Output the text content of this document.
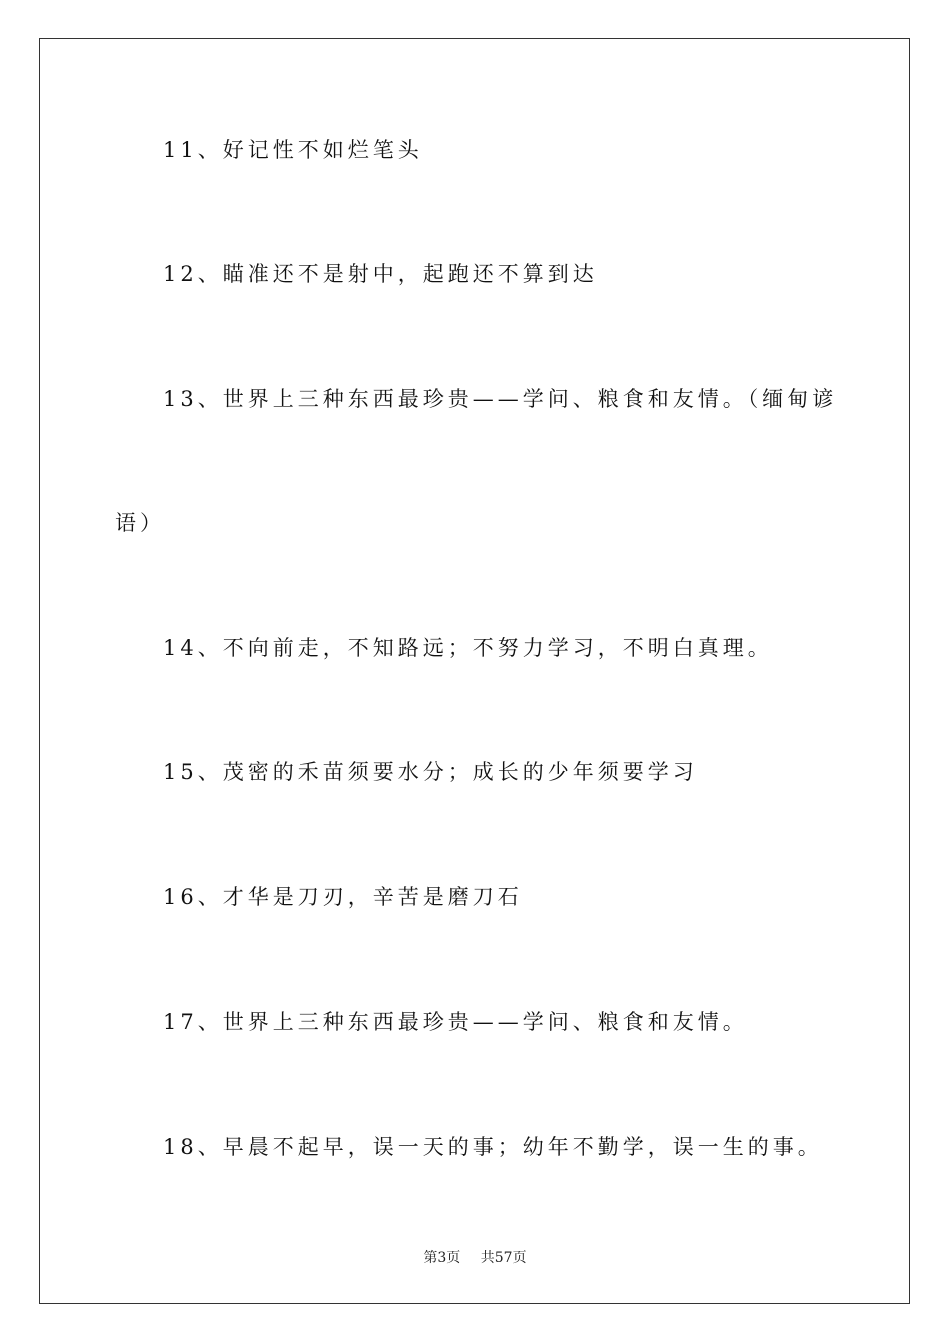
11、好记性不如烂笔头
12、瞄准还不是射中，起跑还不算到达
13、世界上三种东西最珍贵——学问、粮食和友情。（缅甸谚
语）
14、不向前走，不知路远；不努力学习，不明白真理。
15、茂密的禾苗须要水分；成长的少年须要学习
16、才华是刀刃，辛苦是磨刀石
17、世界上三种东西最珍贵——学问、粮食和友情。
18、早晨不起早，误一天的事；幼年不勤学，误一生的事。
第3页 共57页
